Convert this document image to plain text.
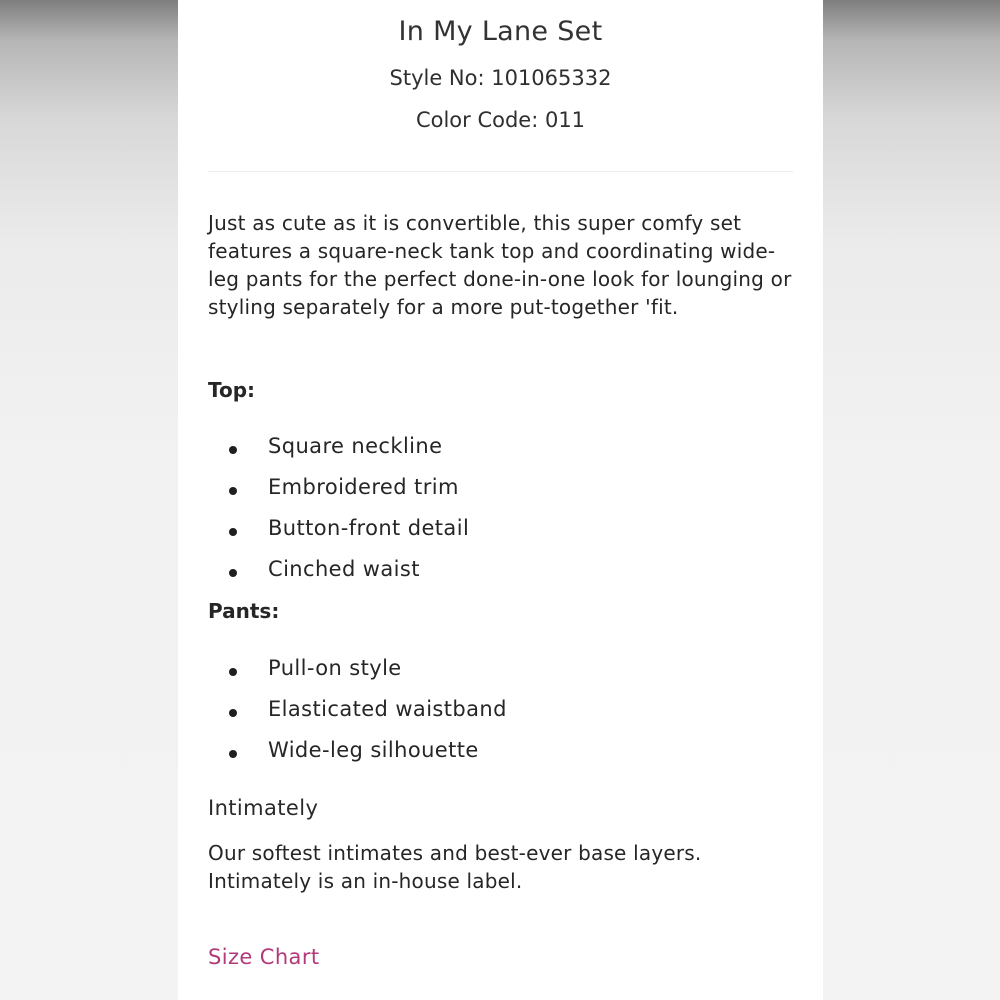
In My Lane Set
Style No: 101065332
Color Code: 011
Just as cute as it is convertible, this super comfy set features a square-neck tank top and coordinating wide-leg pants for the perfect done-in-one look for lounging or styling separately for a more put-together 'fit.
Top:
Square neckline
Embroidered trim
Button-front detail
Cinched waist
Pants:
Pull-on style
Elasticated waistband
Wide-leg silhouette
Intimately
Our softest intimates and best-ever base layers. Intimately is an in-house label.
Size Chart
